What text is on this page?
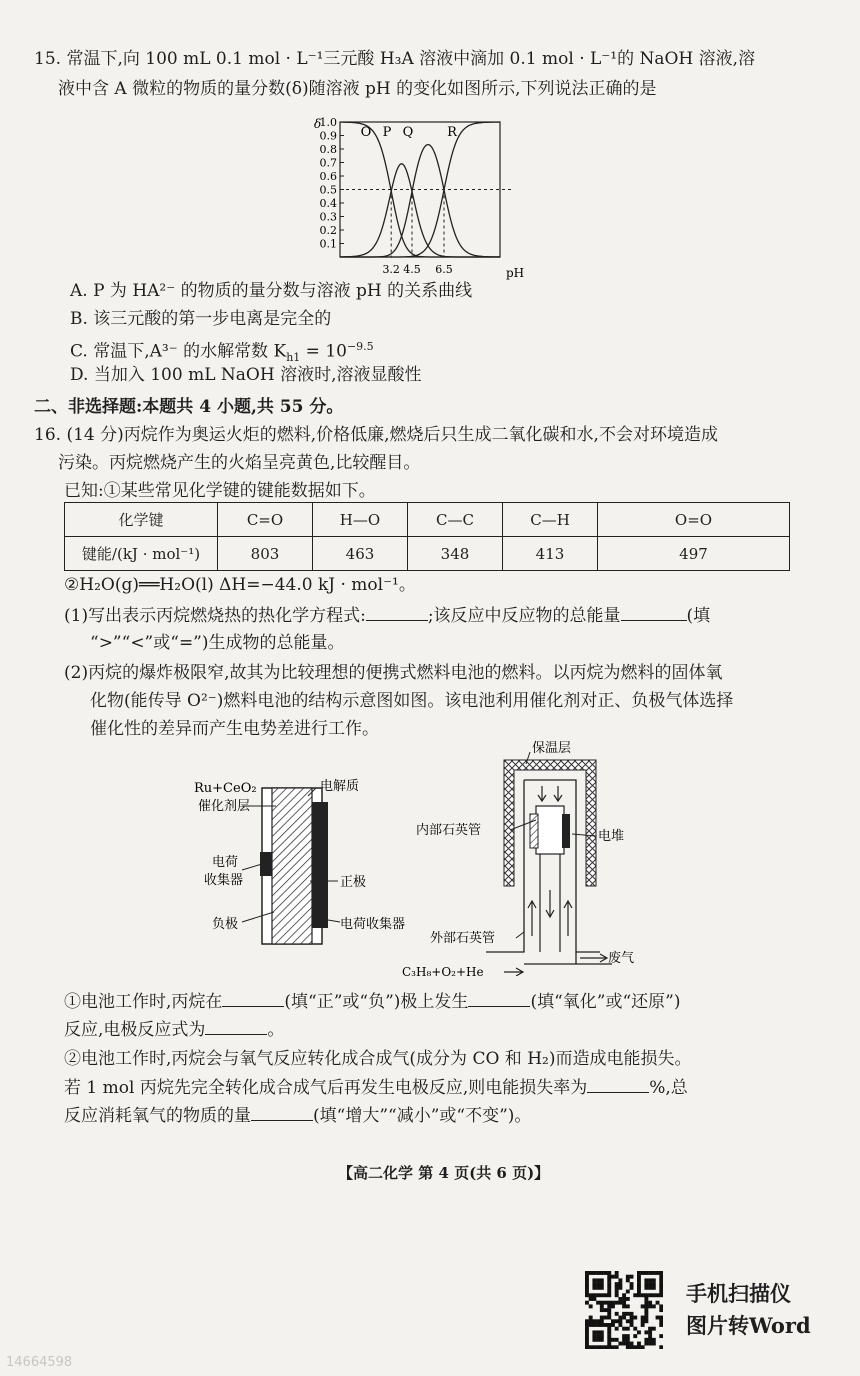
15. 常温下,向 100 mL 0.1 mol · L⁻¹三元酸 H₃A 溶液中滴加 0.1 mol · L⁻¹的 NaOH 溶液,溶
液中含 A 微粒的物质的量分数(δ)随溶液 pH 的变化如图所示,下列说法正确的是
1.0
0.9
0.8
0.7
0.6
0.5
0.4
0.3
0.2
0.1
δ
pH
3.2 4.5 6.5
O P Q	R
A. P 为 HA²⁻ 的物质的量分数与溶液 pH 的关系曲线
B. 该三元酸的第一步电离是完全的
C. 常温下,A³⁻ 的水解常数 $K_{h1} = 10^{-9.5}$
D. 当加入 100 mL NaOH 溶液时,溶液显酸性
二、非选择题:本题共 4 小题,共 55 分。
16. (14 分)丙烷作为奥运火炬的燃料,价格低廉,燃烧后只生成二氧化碳和水,不会对环境造成
污染。丙烷燃烧产生的火焰呈亮黄色,比较醒目。
已知:①某些常见化学键的键能数据如下。
化学键	C=O	H—O	C—C	C—H	O=O
键能/(kJ · mol⁻¹)	803	463	348	413	497
②H₂O(g)══H₂O(l) ΔH=−44.0 kJ · mol⁻¹。
(1)写出表示丙烷燃烧热的热化学方程式:	;该反应中反应物的总能量	(填
“>”“<”或“=”)生成物的总能量。
(2)丙烷的爆炸极限窄,故其为比较理想的便携式燃料电池的燃料。以丙烷为燃料的固体氧
化物(能传导 O²⁻)燃料电池的结构示意图如图。该电池利用催化剂对正、负极气体选择
催化性的差异而产生电势差进行工作。
Ru+CeO₂
催化剂层
电解质
电荷
收集器	正极
负极	电荷收集器
保温层
内部石英管	电堆
外部石英管
废气
C₃H₈+O₂+He
①电池工作时,丙烷在	(填“正”或“负”)极上发生	(填“氧化”或“还原”)
反应,电极反应式为	。
②电池工作时,丙烷会与氧气反应转化成合成气(成分为 CO 和 H₂)而造成电能损失。
若 1 mol 丙烷先完全转化成合成气后再发生电极反应,则电能损失率为	%,总
反应消耗氧气的物质的量	(填“增大”“减小”或“不变”)。
【高二化学 第 4 页(共 6 页)】
手机扫描仪
图片转Word
14664598
